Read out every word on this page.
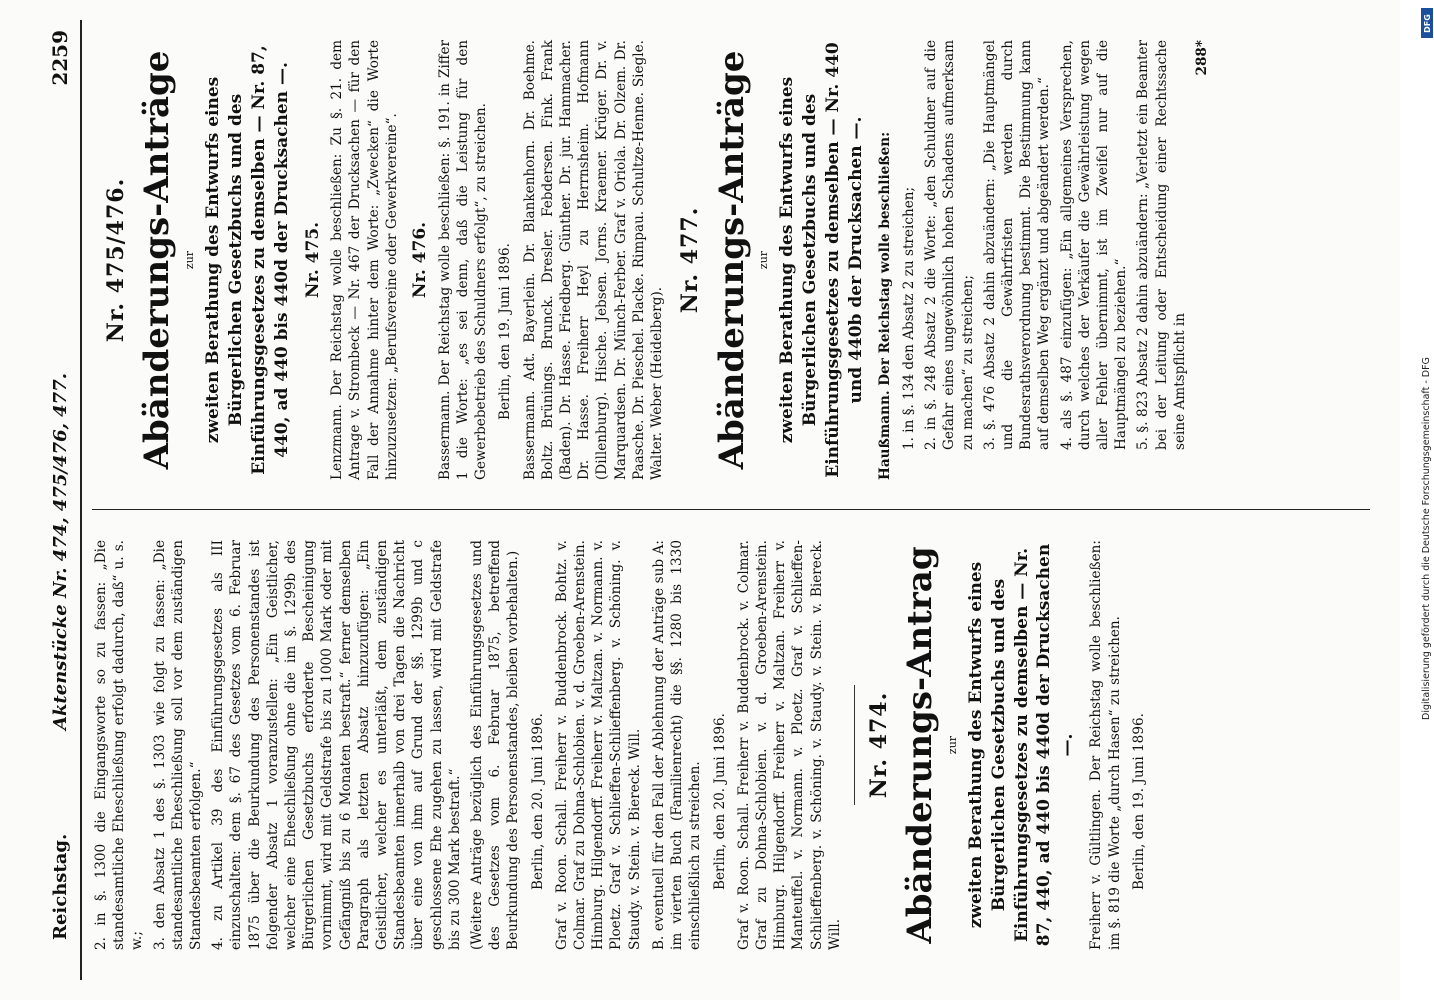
Reichstag.
Aktenstücke Nr. 474, 475/476, 477.
2259

2. in §. 1300 die Eingangsworte so zu fassen: „Die standesamtliche Eheschließung erfolgt dadurch, daß“ u. s. w.; 3. den Absatz 1 des §. 1303 wie folgt zu fassen: „Die standesamtliche Eheschließung soll vor dem zuständigen Standesbeamten erfolgen.“ 4. zu Artikel 39 des Einführungsgesetzes als III einzuschalten: dem §. 67 des Gesetzes vom 6. Februar 1875 über die Beurkundung des Personenstandes ist folgender Absatz 1 voranzustellen: „Ein Geistlicher, welcher eine Eheschließung ohne die im §. 1299b des Bürgerlichen Gesetzbuchs erforderte Bescheinigung vornimmt, wird mit Geldstrafe bis zu 1000 Mark oder mit Gefängniß bis zu 6 Monaten bestraft.“ ferner demselben Paragraph als letzten Absatz hinzuzufügen: „Ein Geistlicher, welcher es unterläßt, dem zuständigen Standesbeamten innerhalb von drei Tagen die Nachricht über eine von ihm auf Grund der §§. 1299b und c geschlossene Ehe zugehen zu lassen, wird mit Geldstrafe bis zu 300 Mark bestraft.“ (Weitere Anträge bezüglich des Einführungsgesetzes und des Gesetzes vom 6. Februar 1875, betreffend Beurkundung des Personenstandes, bleiben vorbehalten.) Berlin, den 20. Juni 1896. Graf v. Roon. Schall. Freiherr v. Buddenbrock. Bohtz. v. Colmar. Graf zu Dohna-Schlobien. v. d. Groeben-Arenstein. Himburg. Hilgendorff. Freiherr v. Maltzan. v. Normann. v. Ploetz. Graf v. Schlieffen-Schlieffenberg. v. Schöning. v. Staudy. v. Stein. v. Biereck. Will. B. eventuell für den Fall der Ablehnung der Anträge sub A: im vierten Buch (Familienrecht) die §§. 1280 bis 1330 einschließlich zu streichen. Berlin, den 20. Juni 1896. Graf v. Roon. Schall. Freiherr v. Buddenbrock. v. Colmar. Graf zu Dohna-Schlobien. v. d. Groeben-Arenstein. Himburg. Hilgendorff. Freiherr v. Maltzan. Freiherr v. Manteuffel. v. Normann. v. Ploetz. Graf v. Schlieffen-Schlieffenberg. v. Schöning. v. Staudy. v. Stein. v. Biereck. Will.

Nr. 474. Abänderungs-Antrag zur zweiten Berathung des Entwurfs eines Bürgerlichen Gesetzbuchs und des Einführungsgesetzes zu demselben — Nr. 87, 440, ad 440 bis 440d der Drucksachen —. Freiherr v. Gültlingen. Der Reichstag wolle beschließen: im §. 819 die Worte „durch Hasen“ zu streichen. Berlin, den 19. Juni 1896.

Nr. 475/476. Abänderungs-Anträge zur zweiten Berathung des Entwurfs eines Bürgerlichen Gesetzbuchs und des Einführungsgesetzes zu demselben — Nr. 87, 440, ad 440 bis 440d der Drucksachen —. Nr. 475. Lenzmann. Der Reichstag wolle beschließen: Zu §. 21. dem Antrage v. Strombeck — Nr. 467 der Drucksachen — für den Fall der Annahme hinter dem Worte: „Zwecken“ die Worte hinzuzusetzen: „Berufsvereine oder Gewerkvereine“. Nr. 476. Bassermann. Der Reichstag wolle beschließen: §. 191. in Ziffer 1 die Worte: „es sei denn, daß die Leistung für den Gewerbebetrieb des Schuldners erfolgt“, zu streichen. Berlin, den 19. Juni 1896. Bassermann. Adt. Bayerlein. Dr. Blankenhorn. Dr. Boehme. Boltz. Brünings. Brunck. Dresler. Febdersen. Fink. Frank (Baden). Dr. Hasse. Friedberg. Günther. Dr. jur. Hammacher. Dr. Hasse. Freiherr Heyl zu Herrnsheim. Hofmann (Dillenburg). Hische. Jebsen. Jorns. Kraemer. Krüger. Dr. v. Marquardsen. Dr. Münch-Ferber. Graf v. Oriola. Dr. Olzem. Dr. Paasche. Dr. Pieschel. Placke. Rimpau. Schultze-Henne. Siegle. Walter. Weber (Heidelberg).

Nr. 477. Abänderungs-Anträge zur zweiten Berathung des Entwurfs eines Bürgerlichen Gesetzbuchs und des Einführungsgesetzes zu demselben — Nr. 440 und 440b der Drucksachen —. Haußmann. Der Reichstag wolle beschließen: 1. in §. 134 den Absatz 2 zu streichen; 2. in §. 248 Absatz 2 die Worte: „den Schuldner auf die Gefahr eines ungewöhnlich hohen Schadens aufmerksam zu machen“ zu streichen; 3. §. 476 Absatz 2 dahin abzuändern: „Die Hauptmängel und die Gewährfristen werden durch Bundesrathsverordnung bestimmt. Die Bestimmung kann auf demselben Weg ergänzt und abgeändert werden.“ 4. als §. 487 einzufügen: „Ein allgemeines Versprechen, durch welches der Verkäufer die Gewährleistung wegen aller Fehler übernimmt, ist im Zweifel nur auf die Hauptmängel zu beziehen.“ 5. §. 823 Absatz 2 dahin abzuändern: „Verletzt ein Beamter bei der Leitung oder Entscheidung einer Rechtssache seine Amtspflicht in

288*

DFG
Digitalisierung gefördert durch die Deutsche Forschungsgemeinschaft - DFG
